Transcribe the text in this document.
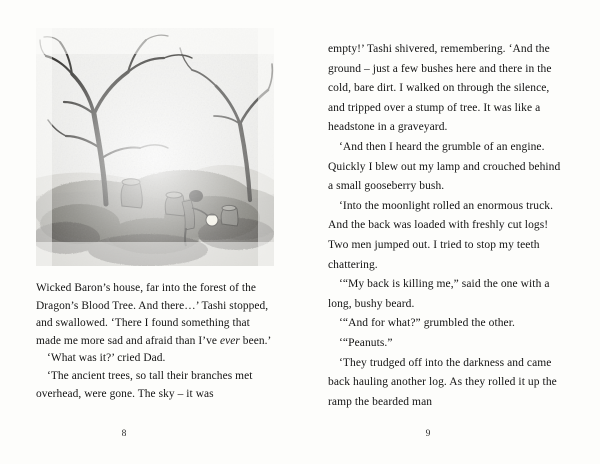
Wicked Baron’s house, far into the forest of the Dragon’s Blood Tree. And there…’ Tashi stopped, and swallowed. ‘There I found something that made me more sad and afraid than I’ve ever been.’

‘What was it?’ cried Dad.

‘The ancient trees, so tall their branches met overhead, were gone. The sky – it was

8

empty!’ Tashi shivered, remembering. ‘And the ground – just a few bushes here and there in the cold, bare dirt. I walked on through the silence, and tripped over a stump of tree. It was like a headstone in a graveyard.

‘And then I heard the grumble of an engine. Quickly I blew out my lamp and crouched behind a small gooseberry bush.

‘Into the moonlight rolled an enormous truck. And the back was loaded with freshly cut logs! Two men jumped out. I tried to stop my teeth chattering.

‘“My back is killing me,” said the one with a long, bushy beard.

‘“And for what?” grumbled the other.

‘“Peanuts.”

‘They trudged off into the darkness and came back hauling another log. As they rolled it up the ramp the bearded man

9
